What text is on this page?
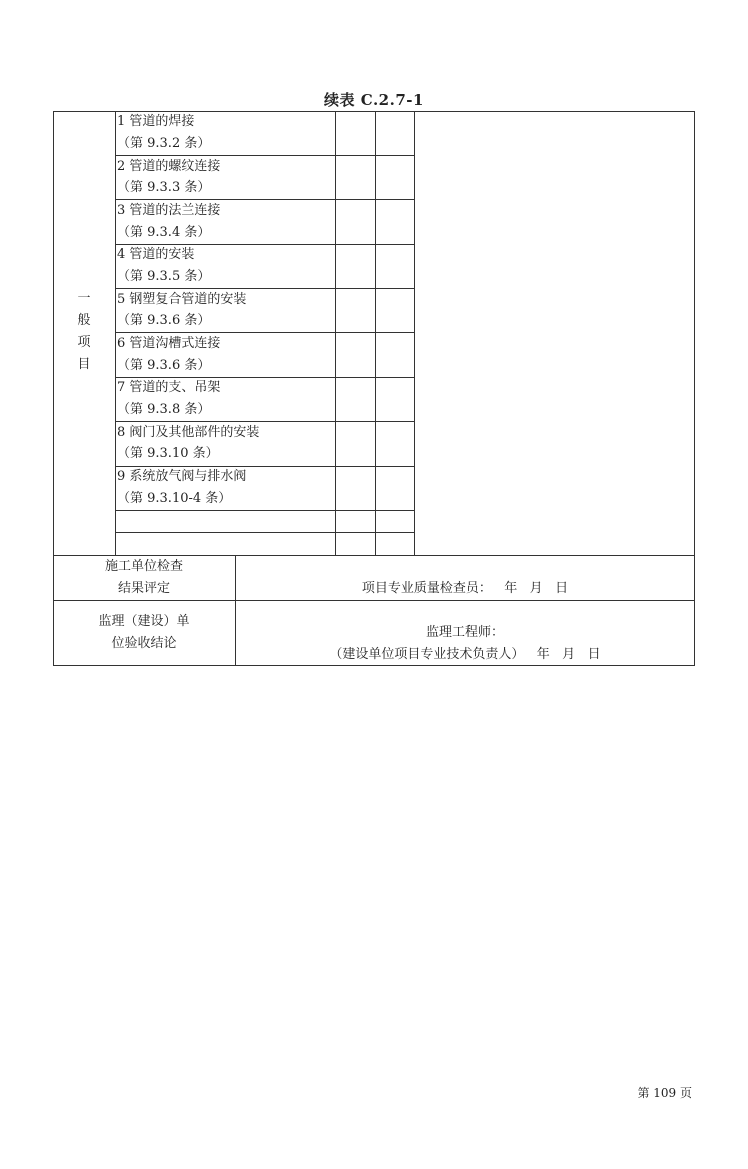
续表 C.2.7-1
一
般
项
目
1 管道的焊接
（第 9.3.2 条）
2 管道的螺纹连接
（第 9.3.3 条）
3 管道的法兰连接
（第 9.3.4 条）
4 管道的安装
（第 9.3.5 条）
5 钢塑复合管道的安装
（第 9.3.6 条）
6 管道沟槽式连接
（第 9.3.6 条）
7 管道的支、吊架
（第 9.3.8 条）
8 阀门及其他部件的安装
（第 9.3.10 条）
9 系统放气阀与排水阀
（第 9.3.10-4 条）
施工单位检查
结果评定	项目专业质量检查员：   年   月   日
监理（建设）单
位验收结论
监理工程师：
（建设单位项目专业技术负责人）   年   月   日
第 109 页
